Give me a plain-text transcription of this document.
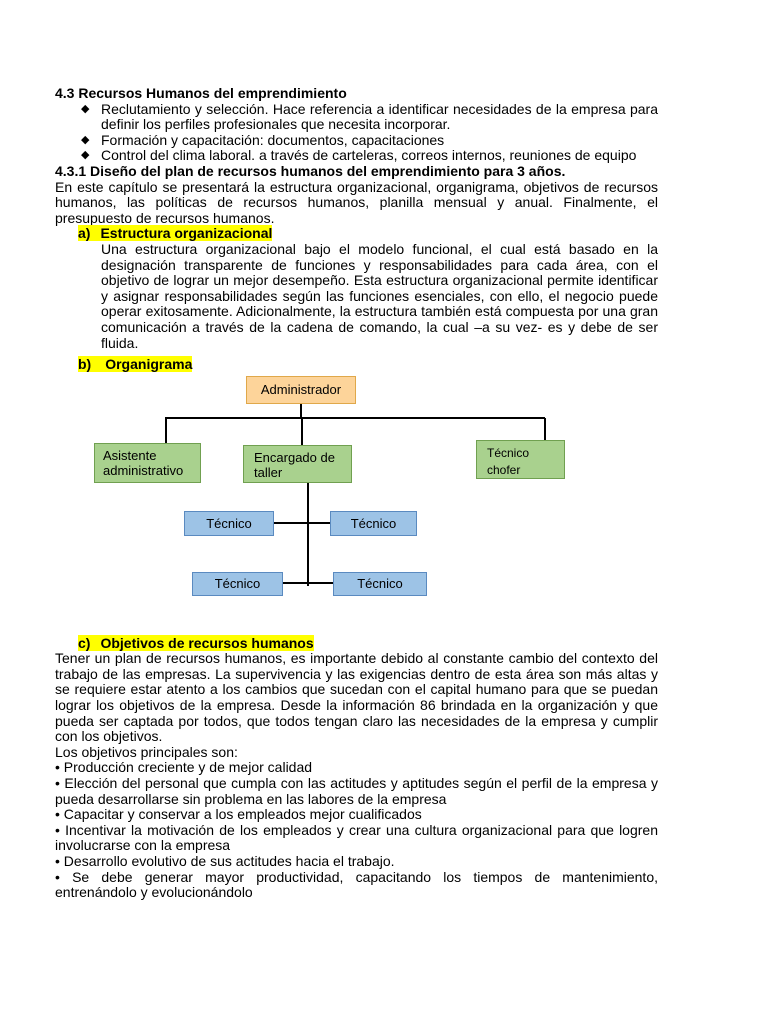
4.3 Recursos Humanos del emprendimiento
◆ Reclutamiento y selección. Hace referencia a identificar necesidades de la empresa para definir los perfiles profesionales que necesita incorporar.
◆ Formación y capacitación: documentos, capacitaciones
◆ Control del clima laboral. a través de carteleras, correos internos, reuniones de equipo
4.3.1 Diseño del plan de recursos humanos del emprendimiento para 3 años.
En este capítulo se presentará la estructura organizacional, organigrama, objetivos de recursos humanos, las políticas de recursos humanos, planilla mensual y anual. Finalmente, el presupuesto de recursos humanos.
a) Estructura organizacional
Una estructura organizacional bajo el modelo funcional, el cual está basado en la designación transparente de funciones y responsabilidades para cada área, con el objetivo de lograr un mejor desempeño. Esta estructura organizacional permite identificar y asignar responsabilidades según las funciones esenciales, con ello, el negocio puede operar exitosamente. Adicionalmente, la estructura también está compuesta por una gran comunicación a través de la cadena de comando, la cual –a su vez- es y debe de ser fluida.
b) Organigrama
Administrador
Asistente administrativo
Encargado de taller
Técnico chofer
Técnico	Técnico
Técnico	Técnico
c) Objetivos de recursos humanos
Tener un plan de recursos humanos, es importante debido al constante cambio del contexto del trabajo de las empresas. La supervivencia y las exigencias dentro de esta área son más altas y se requiere estar atento a los cambios que sucedan con el capital humano para que se puedan lograr los objetivos de la empresa. Desde la información 86 brindada en la organización y que pueda ser captada por todos, que todos tengan claro las necesidades de la empresa y cumplir con los objetivos.
Los objetivos principales son:
• Producción creciente y de mejor calidad
• Elección del personal que cumpla con las actitudes y aptitudes según el perfil de la empresa y pueda desarrollarse sin problema en las labores de la empresa
• Capacitar y conservar a los empleados mejor cualificados
• Incentivar la motivación de los empleados y crear una cultura organizacional para que logren involucrarse con la empresa
• Desarrollo evolutivo de sus actitudes hacia el trabajo.
• Se debe generar mayor productividad, capacitando los tiempos de mantenimiento, entrenándolo y evolucionándolo
